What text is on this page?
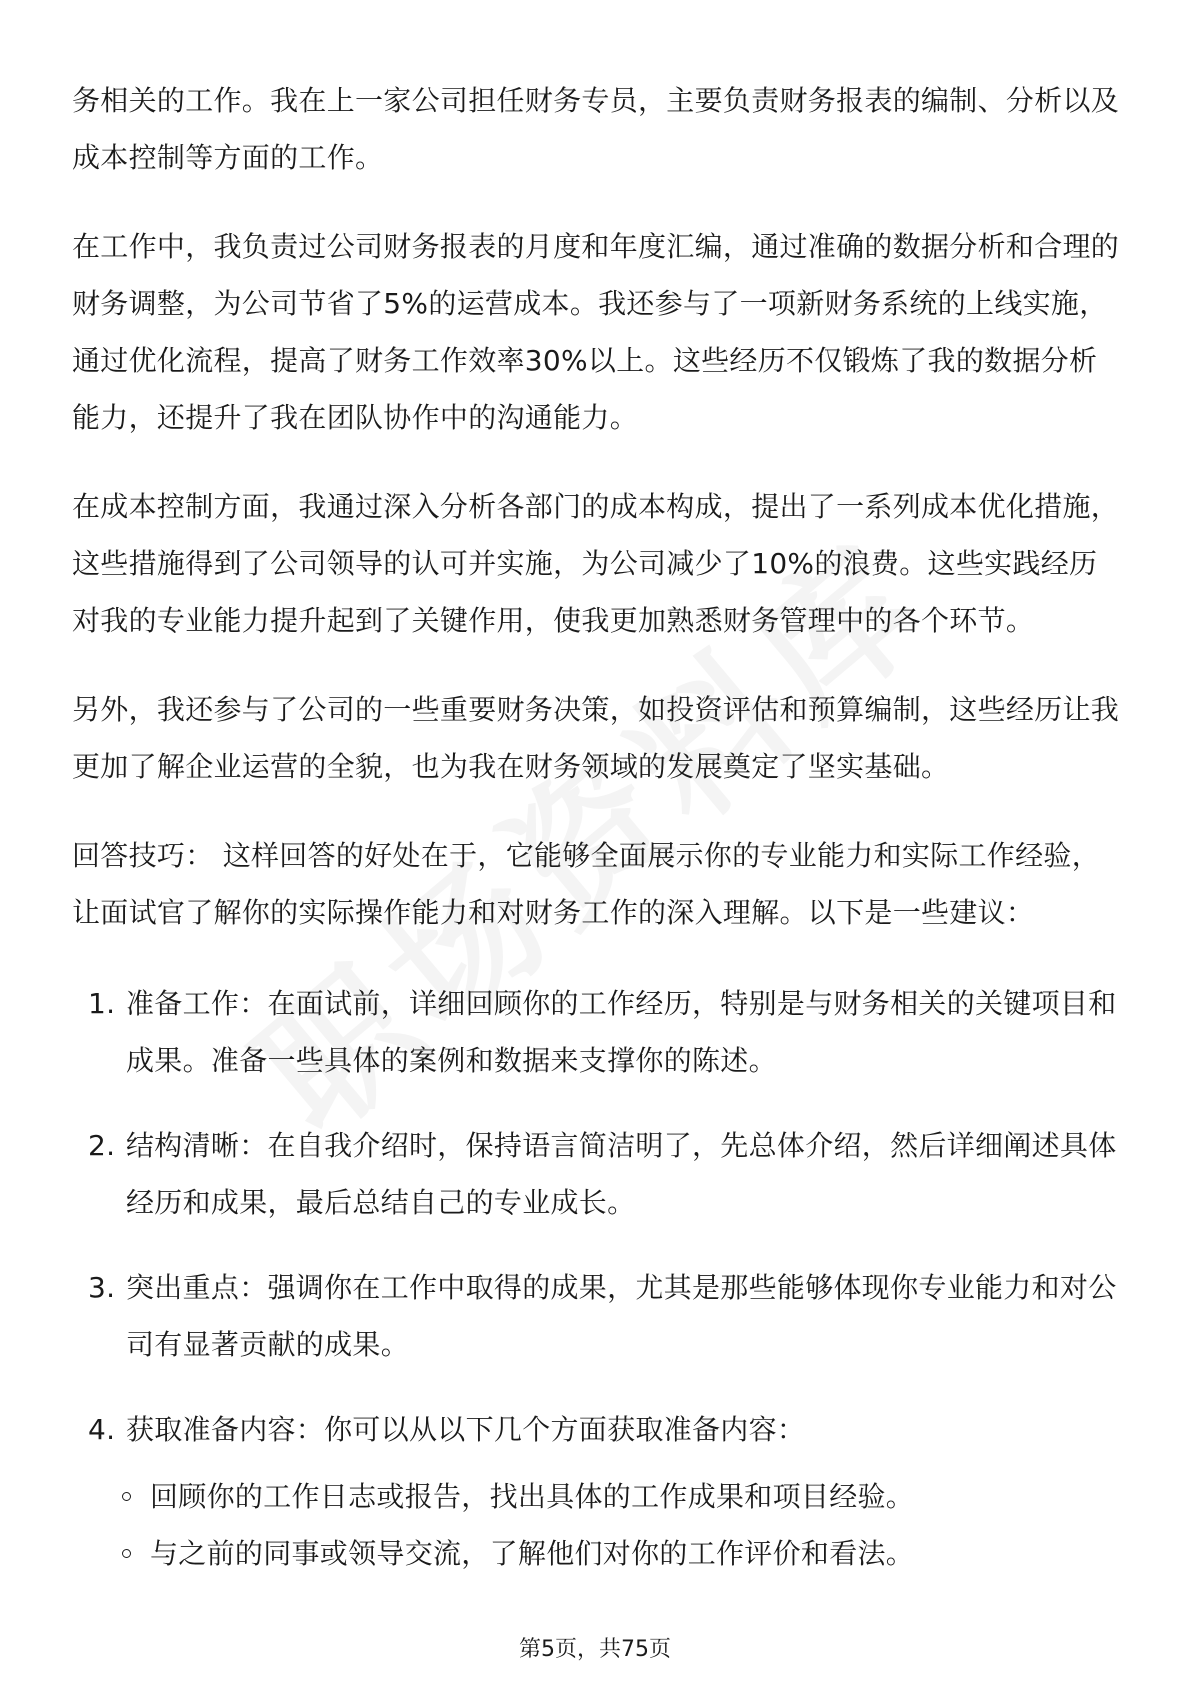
务相关的工作。我在上一家公司担任财务专员，主要负责财务报表的编制、分析以及成本控制等方面的工作。

在工作中，我负责过公司财务报表的月度和年度汇编，通过准确的数据分析和合理的财务调整，为公司节省了5%的运营成本。我还参与了一项新财务系统的上线实施，通过优化流程，提高了财务工作效率30%以上。这些经历不仅锻炼了我的数据分析能力，还提升了我在团队协作中的沟通能力。

在成本控制方面，我通过深入分析各部门的成本构成，提出了一系列成本优化措施，这些措施得到了公司领导的认可并实施，为公司减少了10%的浪费。这些实践经历对我的专业能力提升起到了关键作用，使我更加熟悉财务管理中的各个环节。

另外，我还参与了公司的一些重要财务决策，如投资评估和预算编制，这些经历让我更加了解企业运营的全貌，也为我在财务领域的发展奠定了坚实基础。

回答技巧： 这样回答的好处在于，它能够全面展示你的专业能力和实际工作经验，让面试官了解你的实际操作能力和对财务工作的深入理解。以下是一些建议：

1. 准备工作：在面试前，详细回顾你的工作经历，特别是与财务相关的关键项目和成果。准备一些具体的案例和数据来支撑你的陈述。
2. 结构清晰：在自我介绍时，保持语言简洁明了，先总体介绍，然后详细阐述具体经历和成果，最后总结自己的专业成长。
3. 突出重点：强调你在工作中取得的成果，尤其是那些能够体现你专业能力和对公司有显著贡献的成果。
4. 获取准备内容：你可以从以下几个方面获取准备内容：
回顾你的工作日志或报告，找出具体的工作成果和项目经验。
与之前的同事或领导交流，了解他们对你的工作评价和看法。
第5页，共75页
